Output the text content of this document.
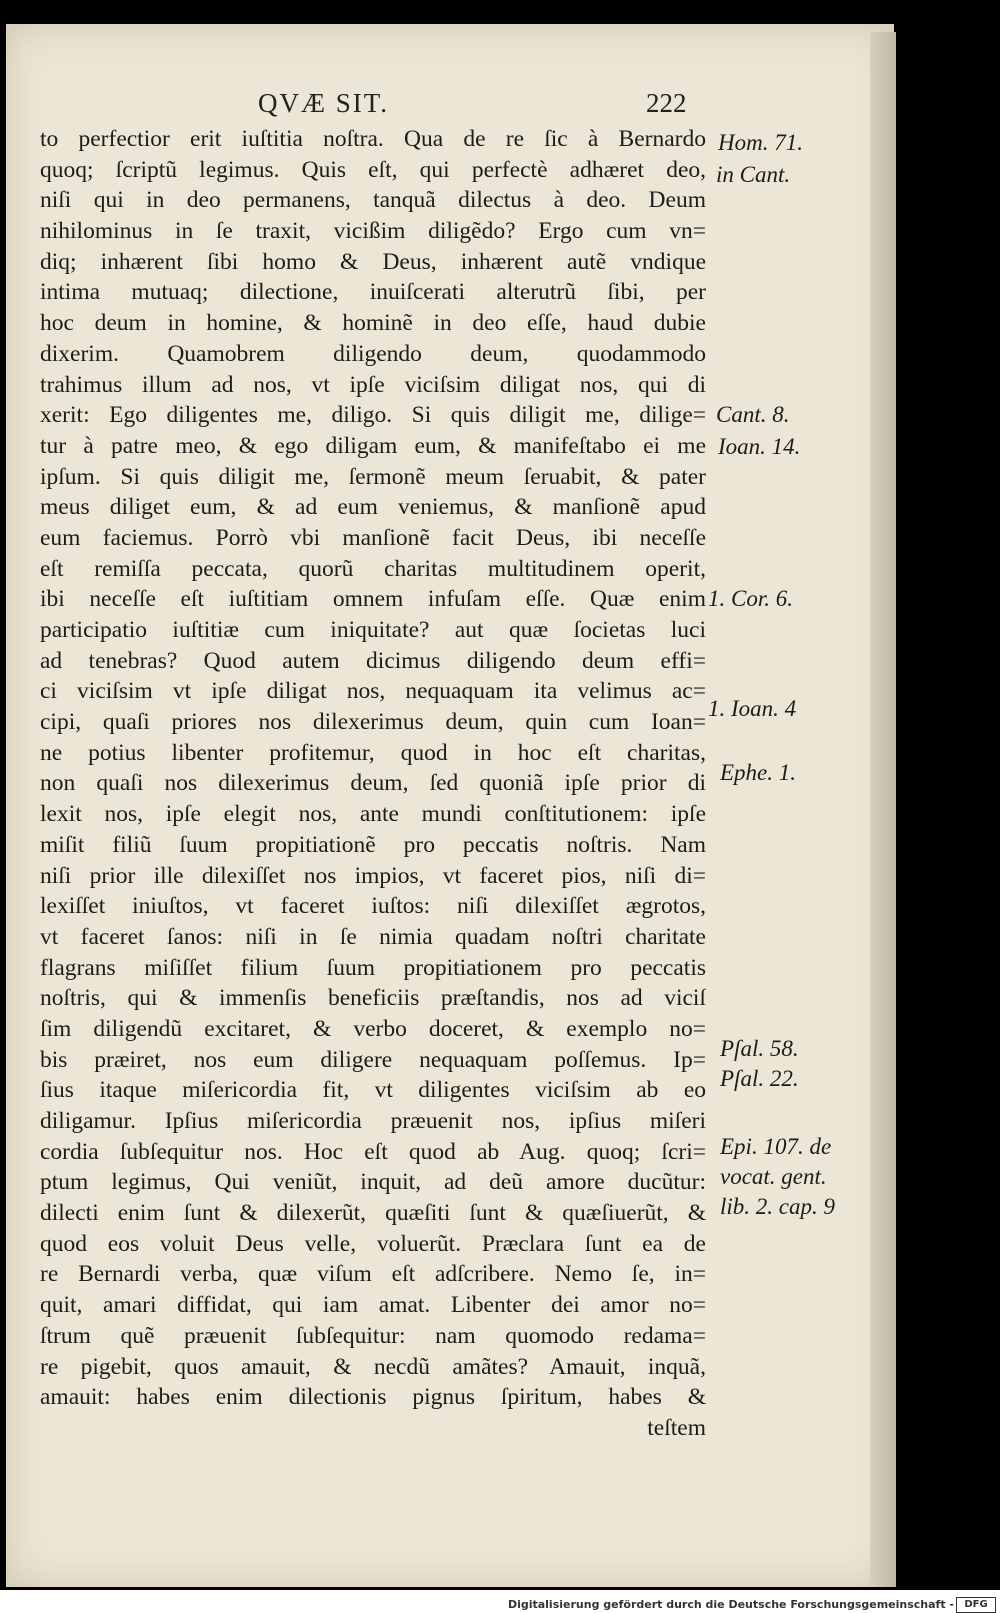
QVÆ SIT.	222
to perfectior erit iuſtitia noſtra. Qua de re ſic à Bernardo
quoq; ſcriptũ legimus. Quis eſt, qui perfectè adhæret deo,
niſi qui in deo permanens, tanquã dilectus à deo. Deum
nihilominus in ſe traxit, vicißim diligẽdo? Ergo cum vn=
diq; inhærent ſibi homo & Deus, inhærent autẽ vndique
intima mutuaq; dilectione, inuiſcerati alterutrũ ſibi, per
hoc deum in homine, & hominẽ in deo eſſe, haud dubie
dixerim. Quamobrem diligendo deum, quodammodo
trahimus illum ad nos, vt ipſe viciſsim diligat nos, qui di
xerit: Ego diligentes me, diligo. Si quis diligit me, dilige=
tur à patre meo, & ego diligam eum, & manifeſtabo ei me
ipſum. Si quis diligit me, ſermonẽ meum ſeruabit, & pater
meus diliget eum, & ad eum veniemus, & manſionẽ apud
eum faciemus. Porrò vbi manſionẽ facit Deus, ibi neceſſe
eſt remiſſa peccata, quorũ charitas multitudinem operit,
ibi neceſſe eſt iuſtitiam omnem infuſam eſſe. Quæ enim
participatio iuſtitiæ cum iniquitate? aut quæ ſocietas luci
ad tenebras? Quod autem dicimus diligendo deum effi=
ci viciſsim vt ipſe diligat nos, nequaquam ita velimus ac=
cipi, quaſi priores nos dilexerimus deum, quin cum Ioan=
ne potius libenter profitemur, quod in hoc eſt charitas,
non quaſi nos dilexerimus deum, ſed quoniã ipſe prior di
lexit nos, ipſe elegit nos, ante mundi conſtitutionem: ipſe
miſit filiũ ſuum propitiationẽ pro peccatis noſtris. Nam
niſi prior ille dilexiſſet nos impios, vt faceret pios, niſi di=
lexiſſet iniuſtos, vt faceret iuſtos: niſi dilexiſſet ægrotos,
vt faceret ſanos: niſi in ſe nimia quadam noſtri charitate
flagrans miſiſſet filium ſuum propitiationem pro peccatis
noſtris, qui & immenſis beneficiis præſtandis, nos ad viciſ
ſim diligendũ excitaret, & verbo doceret, & exemplo no=
bis præiret, nos eum diligere nequaquam poſſemus. Ip=
ſius itaque miſericordia fit, vt diligentes viciſsim ab eo
diligamur. Ipſius miſericordia præuenit nos, ipſius miſeri
cordia ſubſequitur nos. Hoc eſt quod ab Aug. quoq; ſcri=
ptum legimus, Qui veniũt, inquit, ad deũ amore ducũtur:
dilecti enim ſunt & dilexerũt, quæſiti ſunt & quæſiuerũt, &
quod eos voluit Deus velle, voluerũt. Præclara ſunt ea de
re Bernardi verba, quæ viſum eſt adſcribere. Nemo ſe, in=
quit, amari diffidat, qui iam amat. Libenter dei amor no=
ſtrum quẽ præuenit ſubſequitur: nam quomodo redama=
re pigebit, quos amauit, & necdũ amãtes? Amauit, inquã,
amauit: habes enim dilectionis pignus ſpiritum, habes &
teſtem
Hom. 71.
in Cant.
Cant. 8.
Ioan. 14.
1. Cor. 6.
1. Ioan. 4
Ephe. 1.
Pſal. 58.
Pſal. 22.
Epi. 107. de
vocat. gent.
lib. 2. cap. 9
Digitalisierung gefördert durch die Deutsche Forschungsgemeinschaft -	DFG
